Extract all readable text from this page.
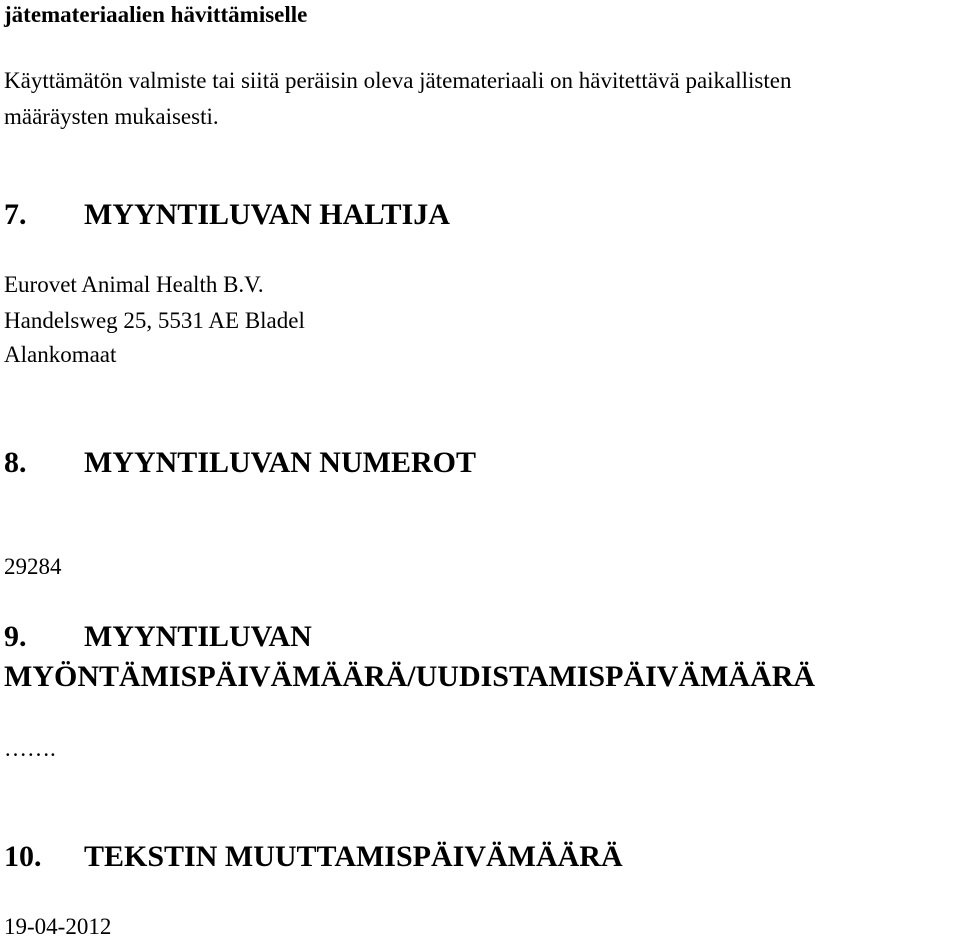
jätemateriaalien hävittämiselle

Käyttämätön valmiste tai siitä peräisin oleva jätemateriaali on hävitettävä paikallisten

määräysten mukaisesti.

7. MYYNTILUVAN HALTIJA

Eurovet Animal Health B.V.

Handelsweg 25, 5531 AE Bladel

Alankomaat

8. MYYNTILUVAN NUMEROT

29284

9. MYYNTILUVAN
MYÖNTÄMISPÄIVÄMÄÄRÄ/UUDISTAMISPÄIVÄMÄÄRÄ

…….

10. TEKSTIN MUUTTAMISPÄIVÄMÄÄRÄ

19-04-2012
